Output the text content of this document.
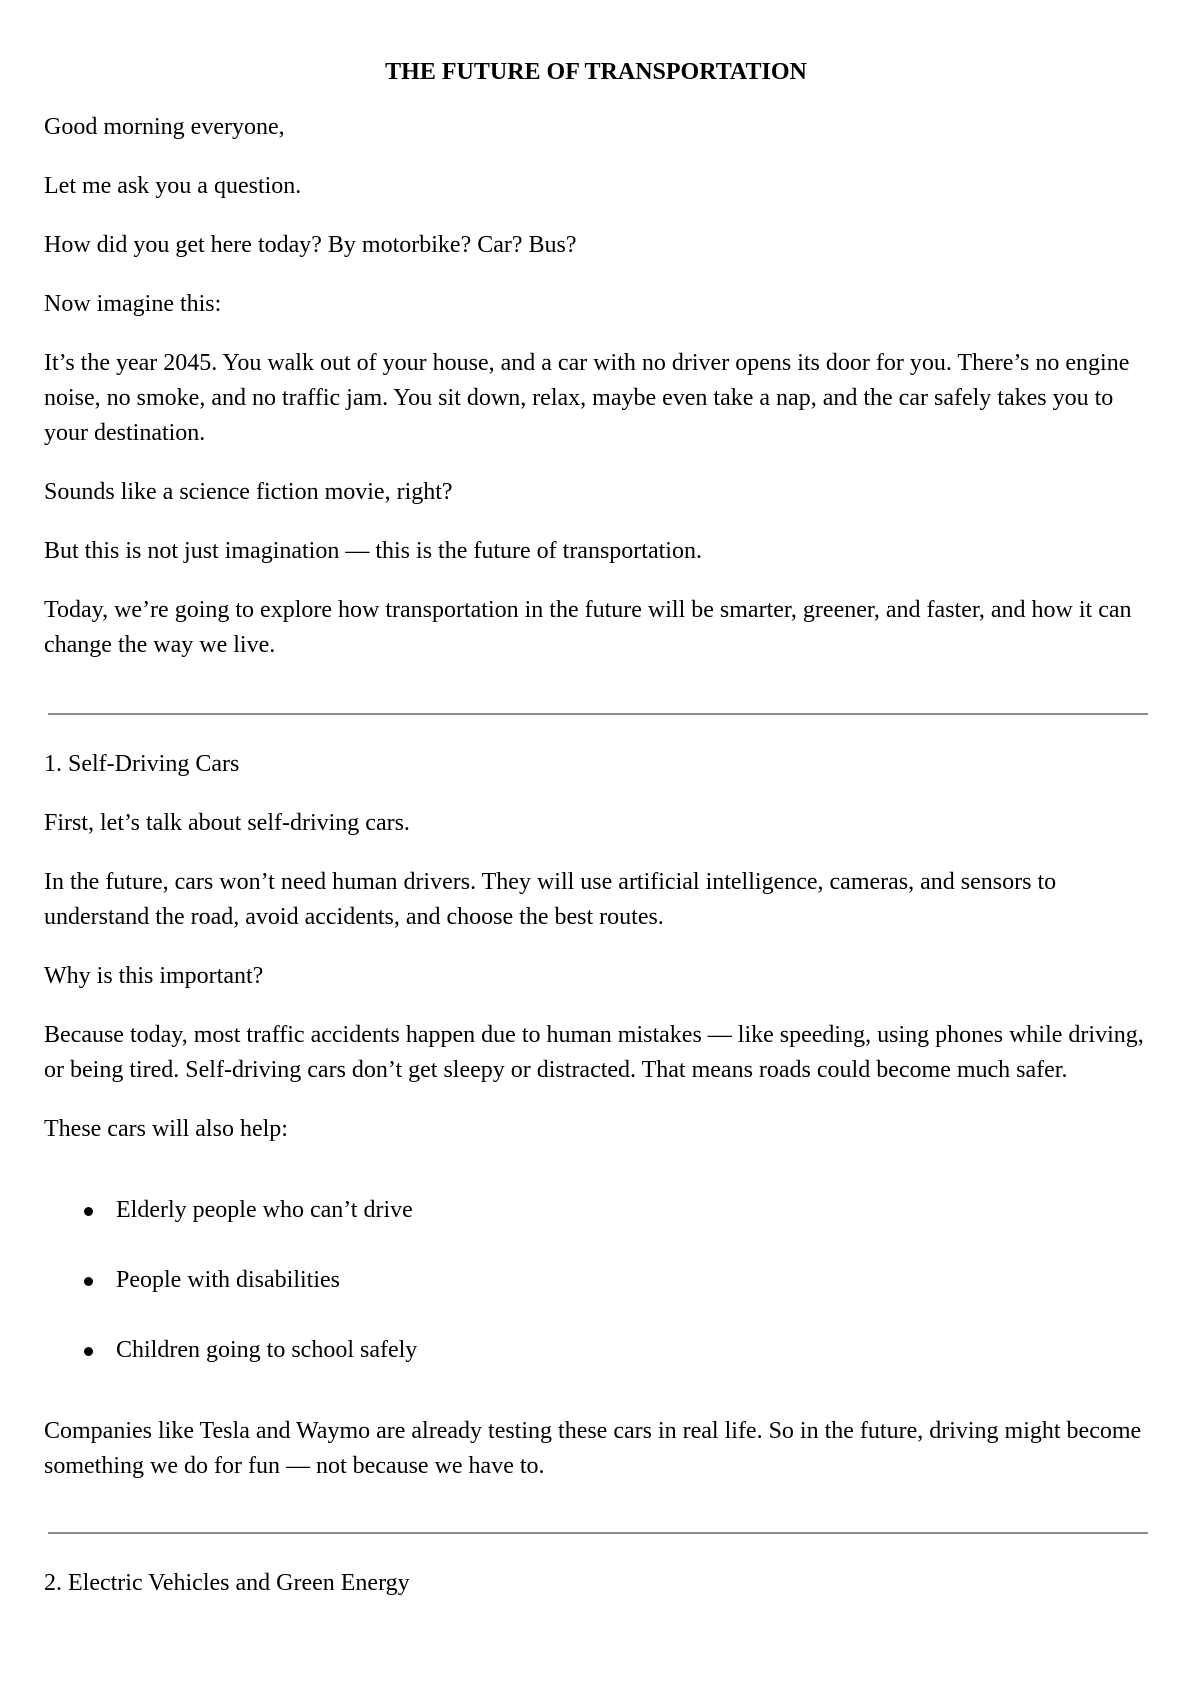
THE FUTURE OF TRANSPORTATION

Good morning everyone,

Let me ask you a question.

How did you get here today? By motorbike? Car? Bus?

Now imagine this:

It’s the year 2045. You walk out of your house, and a car with no driver opens its door for you. There’s no engine noise, no smoke, and no traffic jam. You sit down, relax, maybe even take a nap, and the car safely takes you to your destination.

Sounds like a science fiction movie, right?

But this is not just imagination — this is the future of transportation.

Today, we’re going to explore how transportation in the future will be smarter, greener, and faster, and how it can change the way we live.

1. Self-Driving Cars

First, let’s talk about self-driving cars.

In the future, cars won’t need human drivers. They will use artificial intelligence, cameras, and sensors to understand the road, avoid accidents, and choose the best routes.

Why is this important?

Because today, most traffic accidents happen due to human mistakes — like speeding, using phones while driving, or being tired. Self-driving cars don’t get sleepy or distracted. That means roads could become much safer.

These cars will also help:

Elderly people who can’t drive
People with disabilities
Children going to school safely

Companies like Tesla and Waymo are already testing these cars in real life. So in the future, driving might become something we do for fun — not because we have to.

2. Electric Vehicles and Green Energy
